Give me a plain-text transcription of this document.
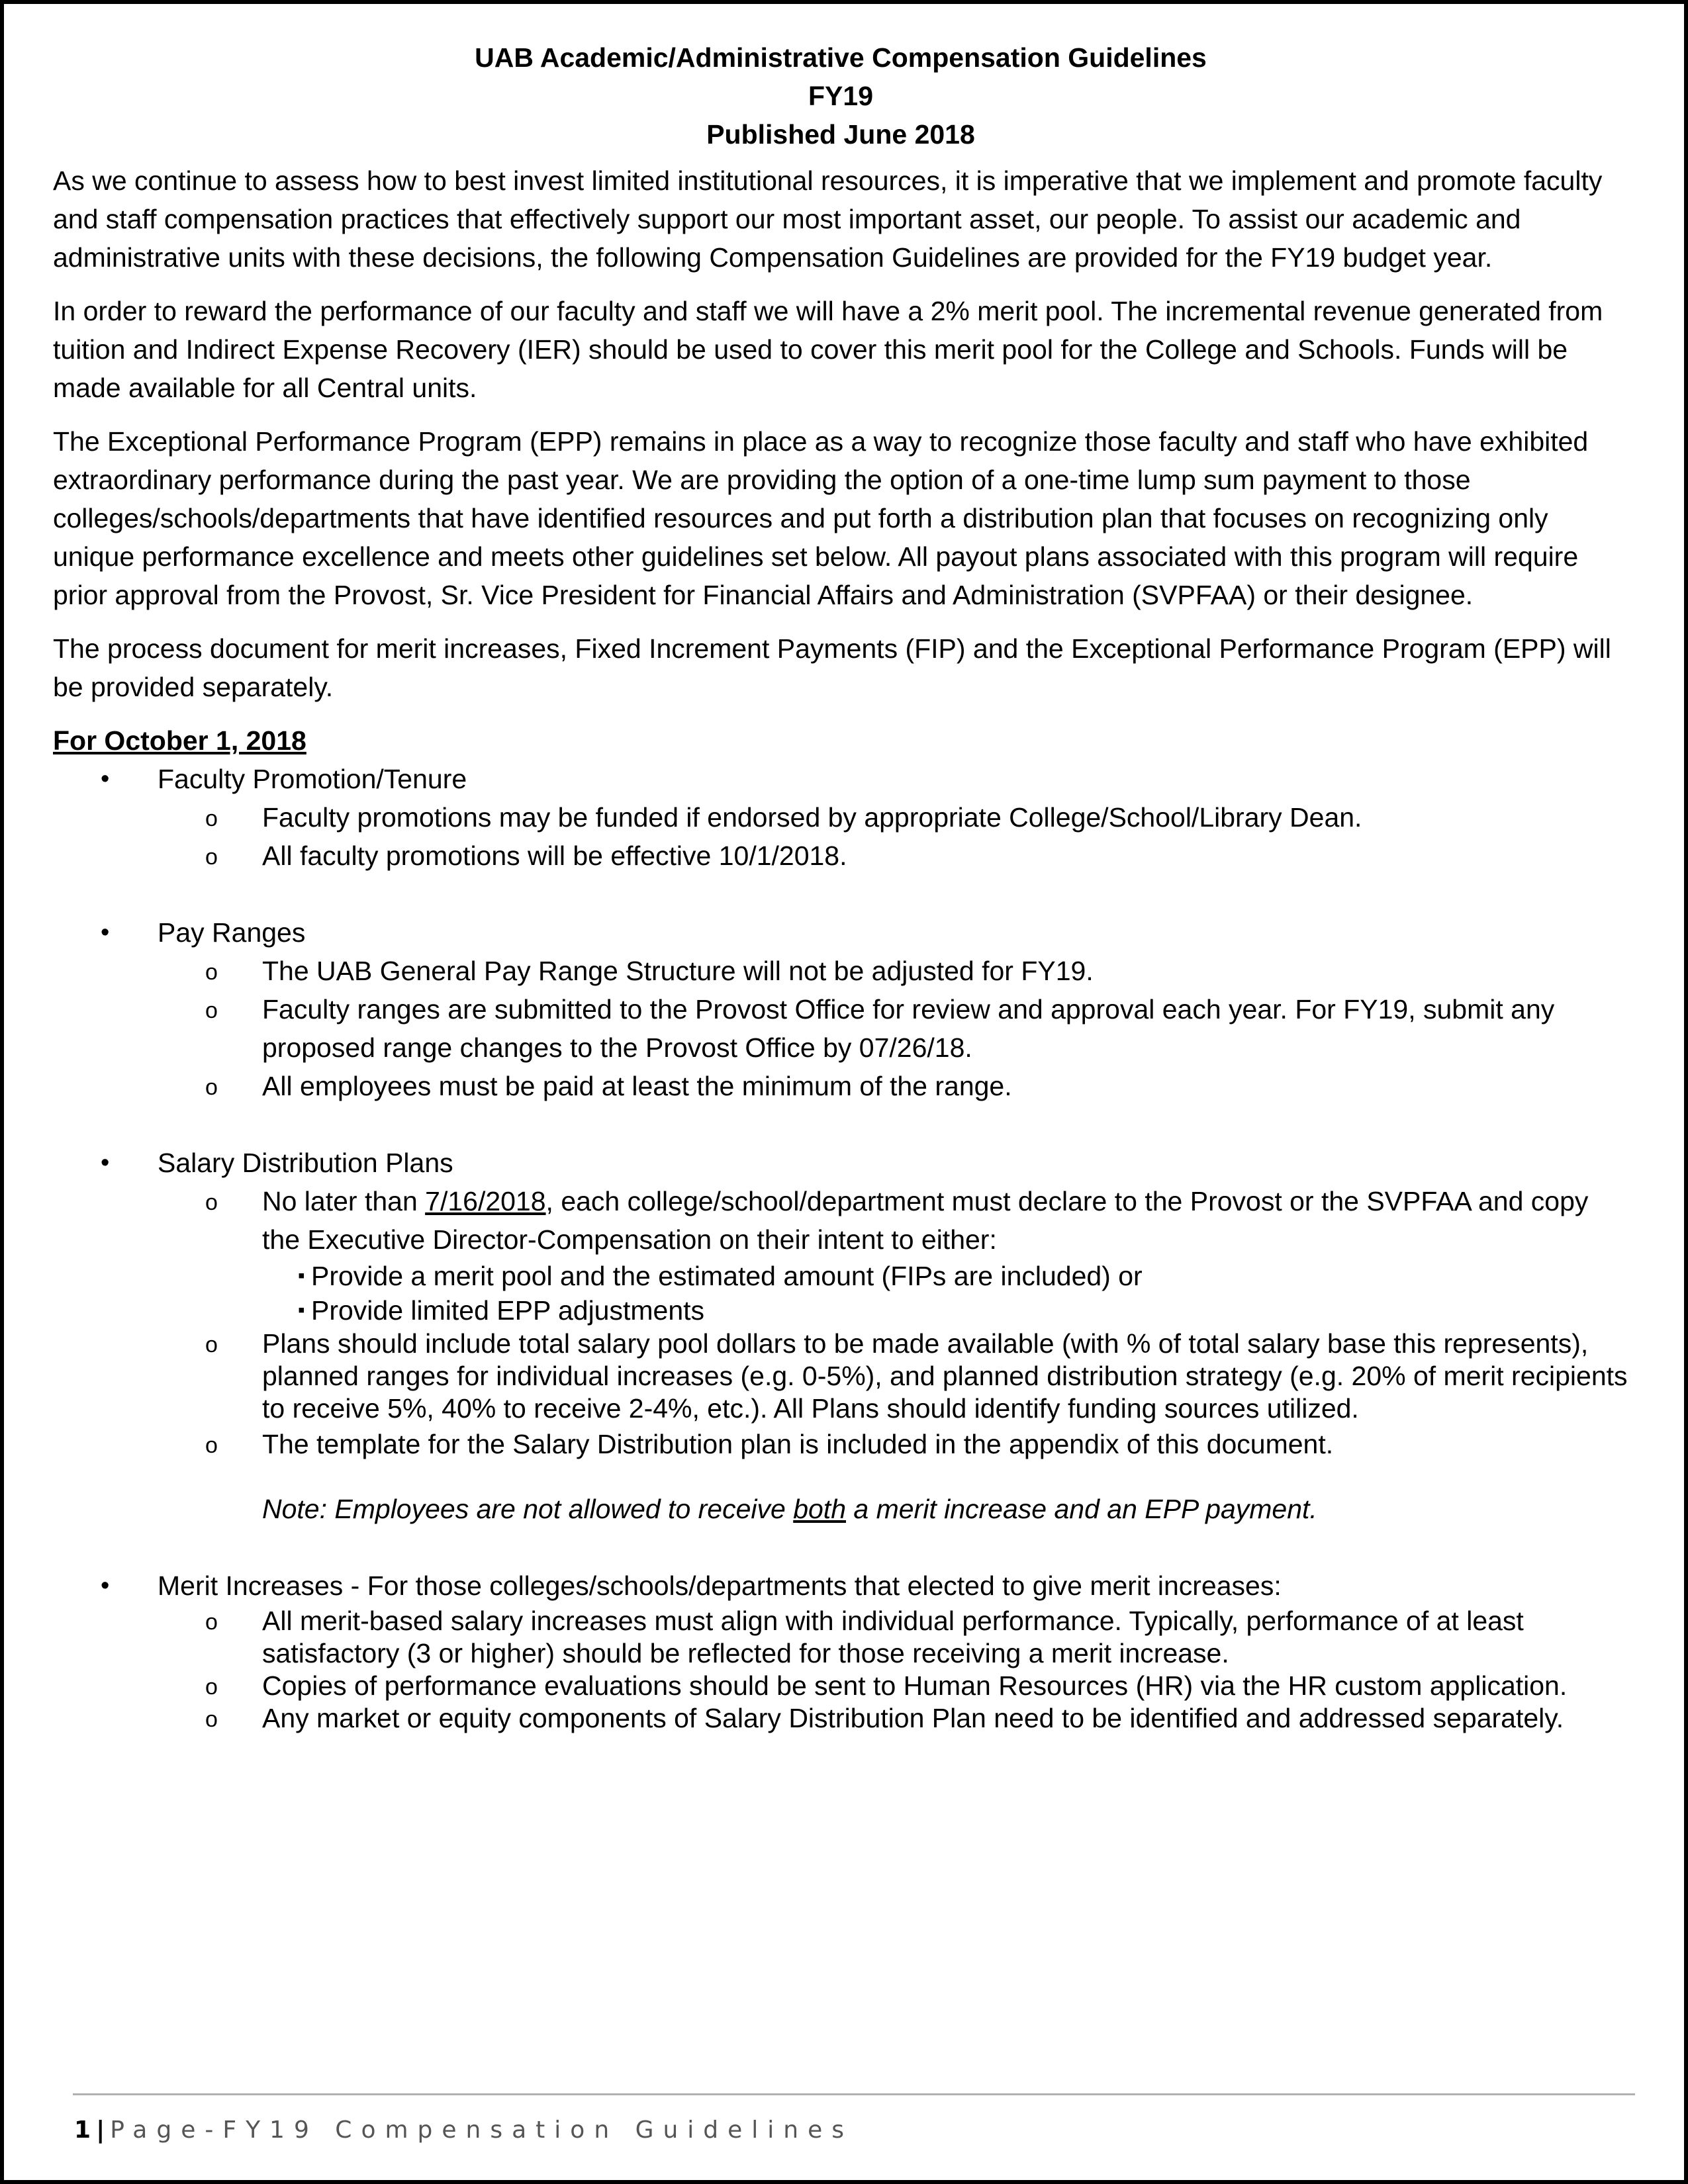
UAB Academic/Administrative Compensation Guidelines
FY19
Published June 2018

As we continue to assess how to best invest limited institutional resources, it is imperative that we implement and promote faculty and staff compensation practices that effectively support our most important asset, our people. To assist our academic and administrative units with these decisions, the following Compensation Guidelines are provided for the FY19 budget year.

In order to reward the performance of our faculty and staff we will have a 2% merit pool. The incremental revenue generated from tuition and Indirect Expense Recovery (IER) should be used to cover this merit pool for the College and Schools. Funds will be made available for all Central units.

The Exceptional Performance Program (EPP) remains in place as a way to recognize those faculty and staff who have exhibited extraordinary performance during the past year. We are providing the option of a one-time lump sum payment to those colleges/schools/departments that have identified resources and put forth a distribution plan that focuses on recognizing only unique performance excellence and meets other guidelines set below. All payout plans associated with this program will require prior approval from the Provost, Sr. Vice President for Financial Affairs and Administration (SVPFAA) or their designee.

The process document for merit increases, Fixed Increment Payments (FIP) and the Exceptional Performance Program (EPP) will be provided separately.

For October 1, 2018
• Faculty Promotion/Tenure
o Faculty promotions may be funded if endorsed by appropriate College/School/Library Dean.
o All faculty promotions will be effective 10/1/2018.
• Pay Ranges
o The UAB General Pay Range Structure will not be adjusted for FY19.
o Faculty ranges are submitted to the Provost Office for review and approval each year. For FY19, submit any proposed range changes to the Provost Office by 07/26/18.
o All employees must be paid at least the minimum of the range.
• Salary Distribution Plans
o No later than 7/16/2018, each college/school/department must declare to the Provost or the SVPFAA and copy the Executive Director-Compensation on their intent to either:
▪ Provide a merit pool and the estimated amount (FIPs are included) or
▪ Provide limited EPP adjustments
o Plans should include total salary pool dollars to be made available (with % of total salary base this represents), planned ranges for individual increases (e.g. 0-5%), and planned distribution strategy (e.g. 20% of merit recipients to receive 5%, 40% to receive 2-4%, etc.). All Plans should identify funding sources utilized.
o The template for the Salary Distribution plan is included in the appendix of this document.
Note: Employees are not allowed to receive both a merit increase and an EPP payment.
• Merit Increases - For those colleges/schools/departments that elected to give merit increases:
o All merit-based salary increases must align with individual performance. Typically, performance of at least satisfactory (3 or higher) should be reflected for those receiving a merit increase.
o Copies of performance evaluations should be sent to Human Resources (HR) via the HR custom application.
o Any market or equity components of Salary Distribution Plan need to be identified and addressed separately.
1 | Page-FY19 Compensation Guidelines
